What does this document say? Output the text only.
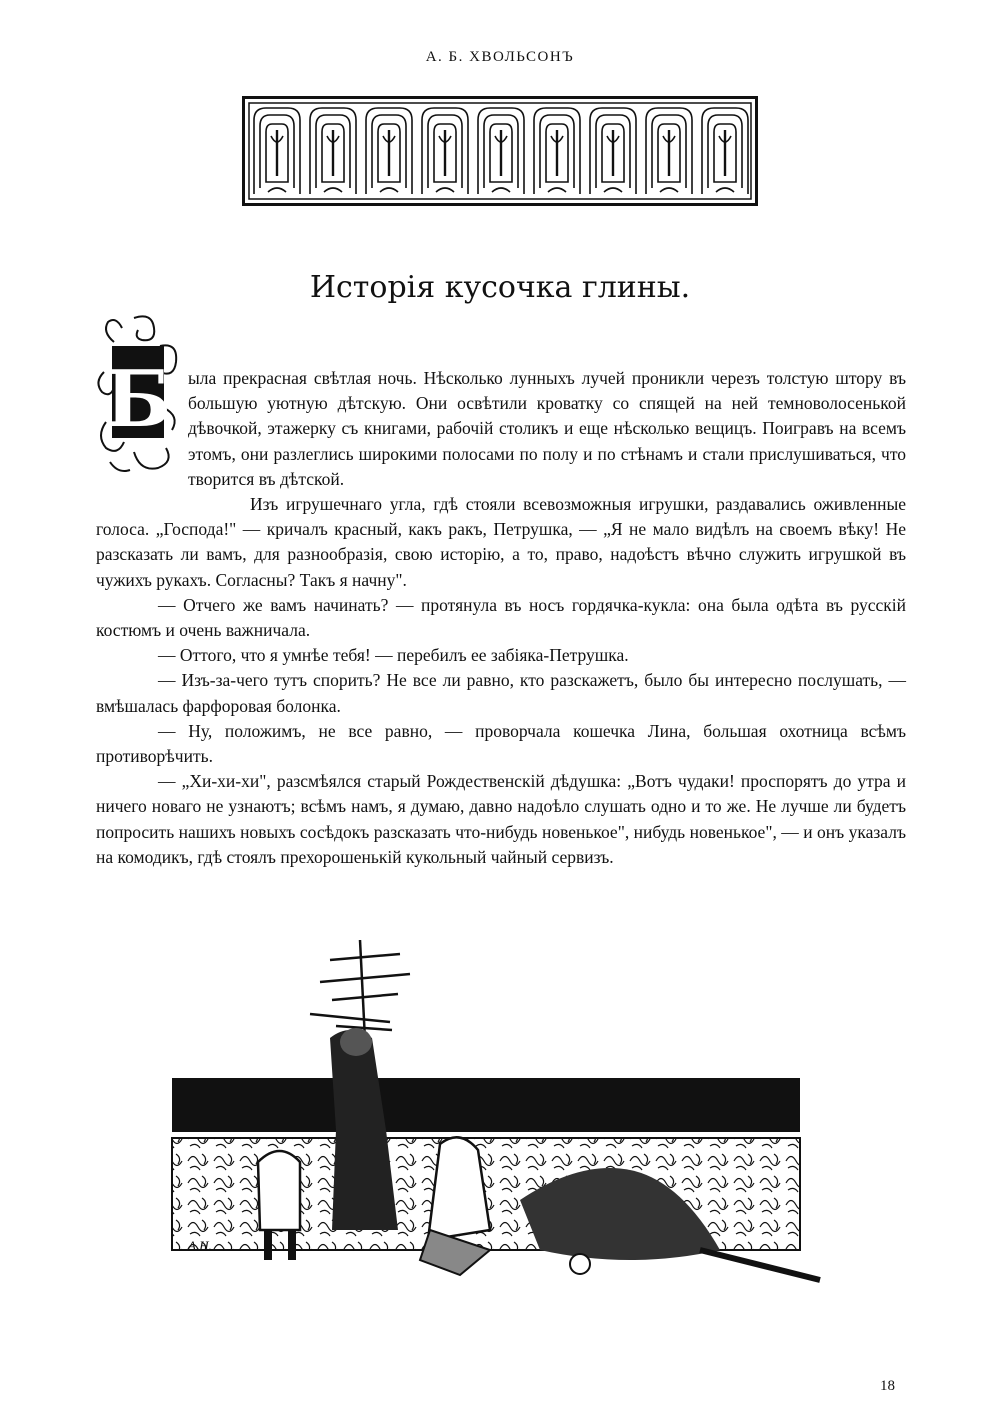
А. Б. ХВОЛЬСОНЪ
Исторія кусочка глины.
Б ыла прекрасная свѣтлая ночь. Нѣсколько лунныхъ лучей проникли черезъ толстую штору въ большую уютную дѣтскую. Они освѣтили кроватку со спящей на ней темноволосенькой дѣвочкой, этажерку съ книгами, рабочій столикъ и еще нѣсколько вещицъ. Поигравъ на всемъ этомъ, они разлеглись широкими полосами по полу и по стѣнамъ и стали прислушиваться, что творится въ дѣтской.

Изъ игрушечнаго угла, гдѣ стояли всевозможныя игрушки, раздавались оживленные голоса. „Господа!" — кричалъ красный, какъ ракъ, Петрушка, — „Я не мало видѣлъ на своемъ вѣку! Не разсказать ли вамъ, для разнообразія, свою исторію, а то, право, надоѣстъ вѣчно служить игрушкой въ чужихъ рукахъ. Согласны? Такъ я начну".

— Отчего же вамъ начинать? — протянула въ носъ гордячка-кукла: она была одѣта въ русскій костюмъ и очень важничала.

— Оттого, что я умнѣе тебя! — перебилъ ее забіяка-Петрушка.

— Изъ-за-чего тутъ спорить? Не все ли равно, кто разскажетъ, было бы интересно послушать, — вмѣшалась фарфоровая болонка.

— Ну, положимъ, не все равно, — проворчала кошечка Лина, большая охотница всѣмъ противорѣчить.

— „Хи-хи-хи", разсмѣялся старый Рождественскій дѣдушка: „Вотъ чудаки! проспорятъ до утра и ничего новаго не узнаютъ; всѣмъ намъ, я думаю, давно надоѣло слушать одно и то же. Не лучше ли будетъ попросить нашихъ новыхъ сосѣдокъ разсказать что-нибудь новенькое", нибудь новенькое", — и онъ указалъ на комодикъ, гдѣ стоялъ прехорошенькій кукольный чайный сервизъ.

А.Н.
18
